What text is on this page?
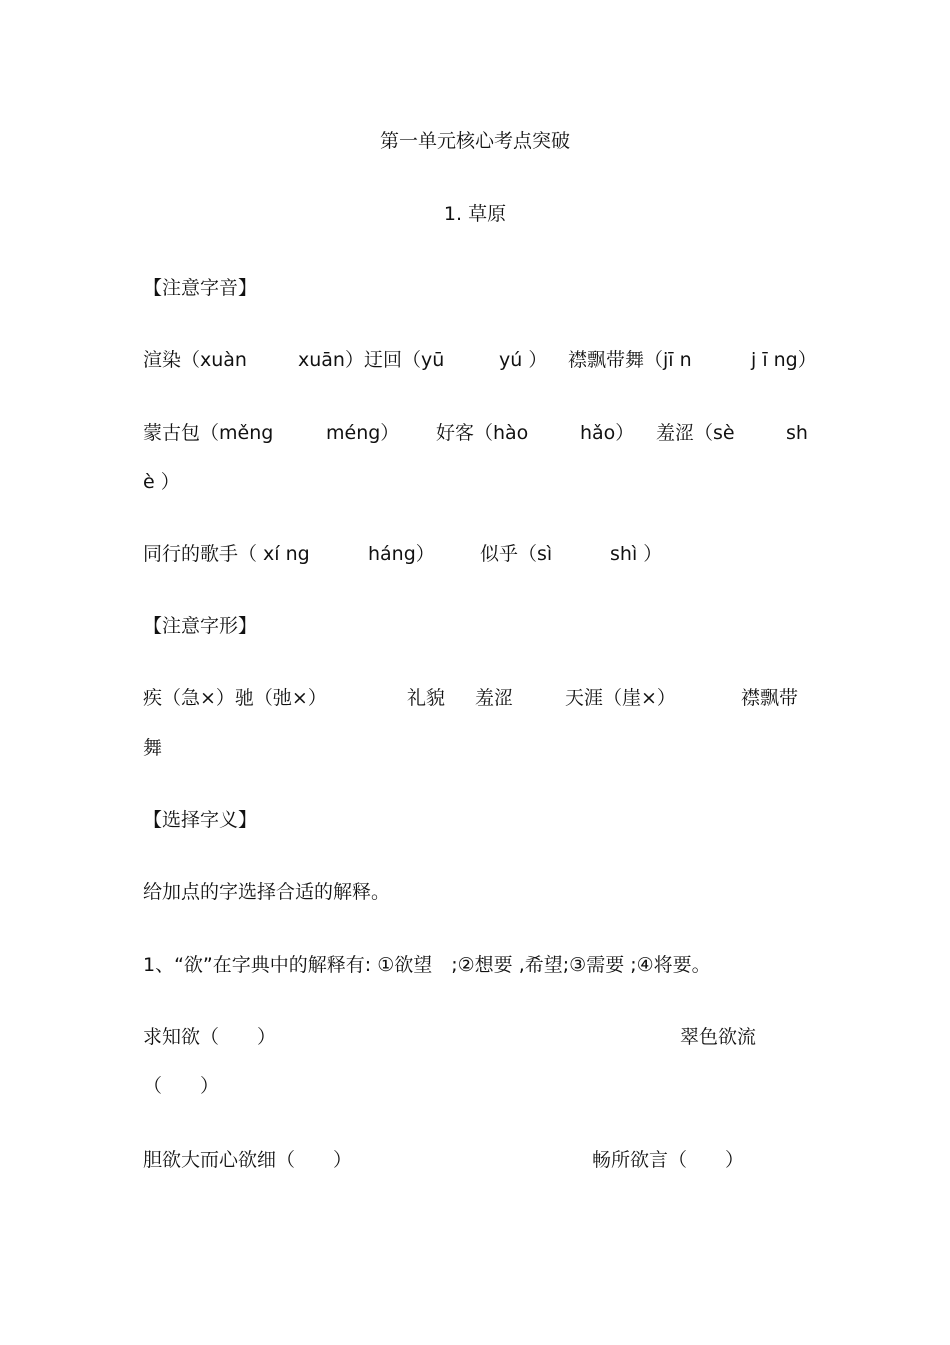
第一单元核心考点突破
1. 草原
【注意字音】
渲染（xuàn	xuān）迂回（yū	yú ） 襟飘带舞（jī n	j ī ng）
蒙古包（měng	méng） 好客（hào	hǎo） 羞涩（sè	sh
è ）
同行的歌手（ xí ng	háng） 似乎（sì	shì ）
【注意字形】
疾（急×）驰（弛×）	礼貌 羞涩	天涯（崖×）	襟飘带
舞
【选择字义】
给加点的字选择合适的解释。
1、“欲”在字典中的解释有: ①欲望　;②想要 ,希望;③需要 ;④将要。
求知欲（　　）	翠色欲流
（　　）
胆欲大而心欲细（　　）	畅所欲言（　　）
